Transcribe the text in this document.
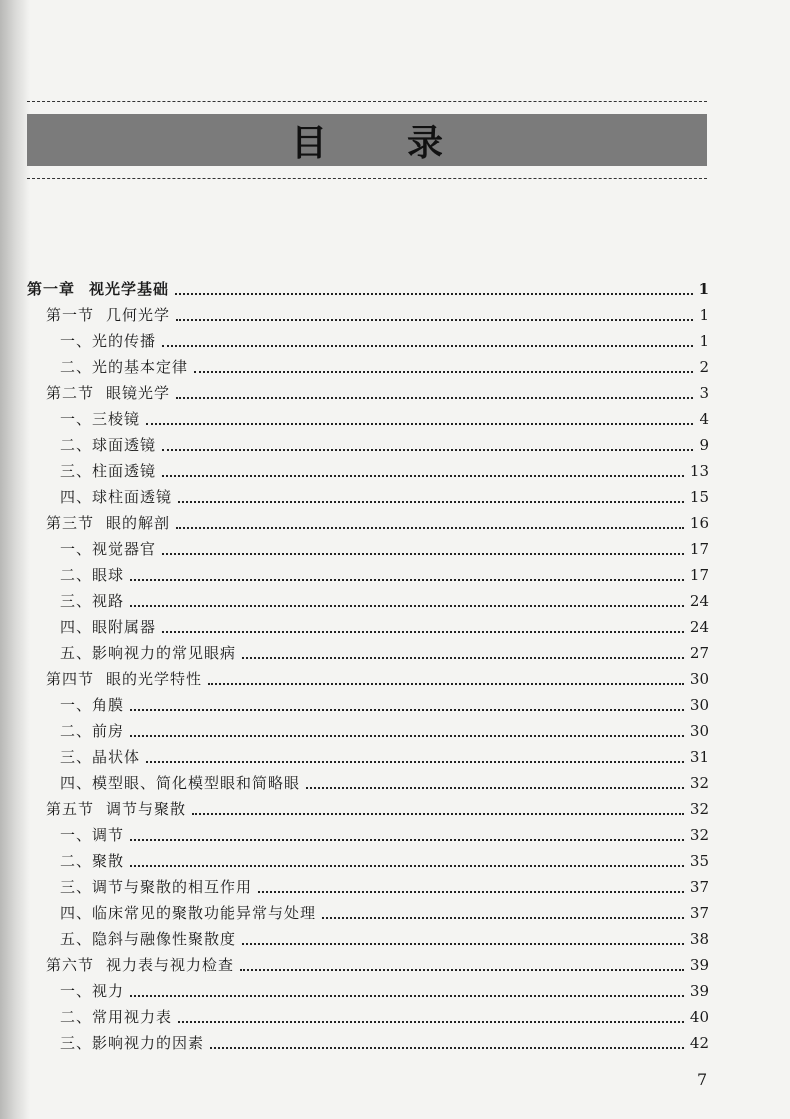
目 录
第一章 视光学基础	1
第一节 几何光学	1
一、光的传播	1
二、光的基本定律	2
第二节 眼镜光学	3
一、三棱镜	4
二、球面透镜	9
三、柱面透镜	13
四、球柱面透镜	15
第三节 眼的解剖	16
一、视觉器官	17
二、眼球	17
三、视路	24
四、眼附属器	24
五、影响视力的常见眼病	27
第四节 眼的光学特性	30
一、角膜	30
二、前房	30
三、晶状体	31
四、模型眼、简化模型眼和简略眼	32
第五节 调节与聚散	32
一、调节	32
二、聚散	35
三、调节与聚散的相互作用	37
四、临床常见的聚散功能异常与处理	37
五、隐斜与融像性聚散度	38
第六节 视力表与视力检查	39
一、视力	39
二、常用视力表	40
三、影响视力的因素	42
7
